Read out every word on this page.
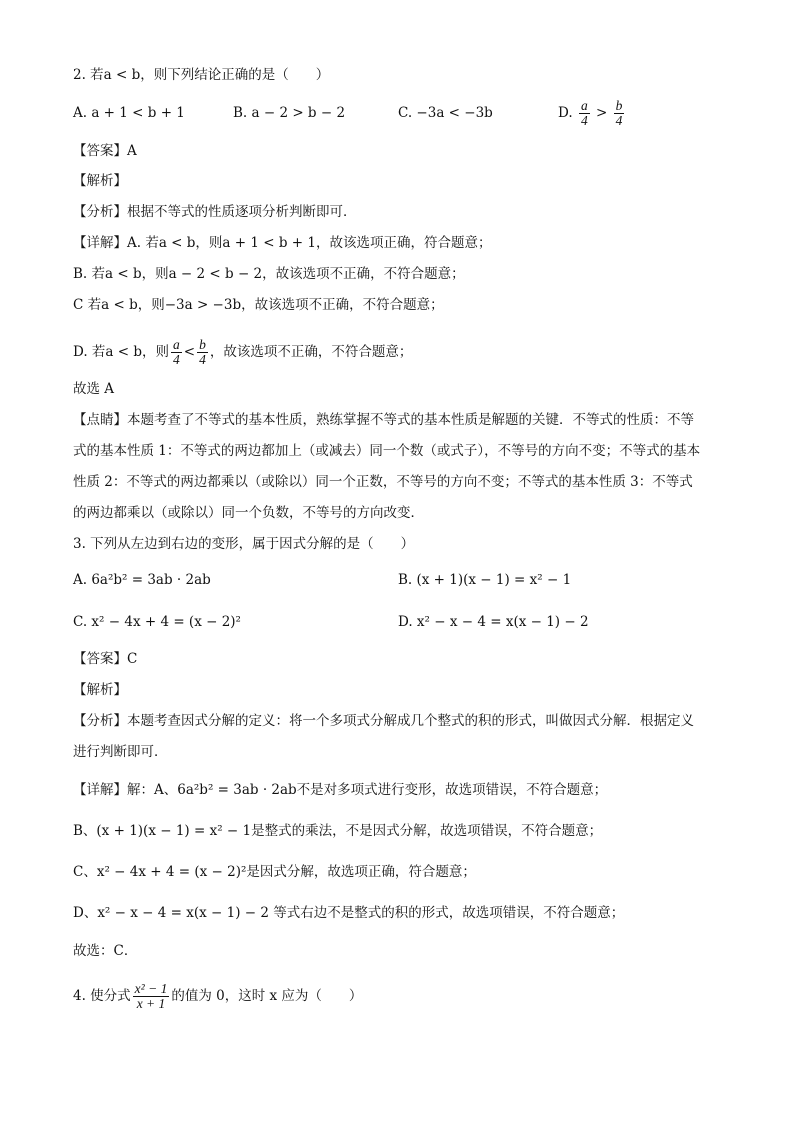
2. 若a < b，则下列结论正确的是（　　）
A. a + 1 < b + 1	B. a − 2 > b − 2	C. −3a < −3b	D. $\frac{a}{4} > \frac{b}{4}$
【答案】A
【解析】
【分析】根据不等式的性质逐项分析判断即可．
【详解】A. 若a < b，则a + 1 < b + 1，故该选项正确，符合题意；
B. 若a < b，则a − 2 < b − 2，故该选项不正确，不符合题意；
C 若a < b，则−3a > −3b，故该选项不正确，不符合题意；
D. 若a < b，则 $\frac{a}{4} < \frac{b}{4}$ ，故该选项不正确，不符合题意；
故选 A
【点睛】本题考查了不等式的基本性质，熟练掌握不等式的基本性质是解题的关键．不等式的性质：不等
式的基本性质 1：不等式的两边都加上（或减去）同一个数（或式子），不等号的方向不变；不等式的基本
性质 2：不等式的两边都乘以（或除以）同一个正数，不等号的方向不变；不等式的基本性质 3：不等式
的两边都乘以（或除以）同一个负数，不等号的方向改变．
3. 下列从左边到右边的变形，属于因式分解的是（　　）
A. 6a²b² = 3ab · 2ab	B. (x + 1)(x − 1) = x² − 1
C. x² − 4x + 4 = (x − 2)²	D. x² − x − 4 = x(x − 1) − 2
【答案】C
【解析】
【分析】本题考查因式分解的定义：将一个多项式分解成几个整式的积的形式，叫做因式分解．根据定义
进行判断即可．
【详解】解：A、6a²b² = 3ab · 2ab不是对多项式进行变形，故选项错误，不符合题意；
B、(x + 1)(x − 1) = x² − 1是整式的乘法，不是因式分解，故选项错误，不符合题意；
C、x² − 4x + 4 = (x − 2)²是因式分解，故选项正确，符合题意；
D、x² − x − 4 = x(x − 1) − 2 等式右边不是整式的积的形式，故选项错误，不符合题意；
故选：C．
4. 使分式 $\frac{\text{x² − 1}}{x + 1}$ 的值为 0，这时 x 应为（　　）
